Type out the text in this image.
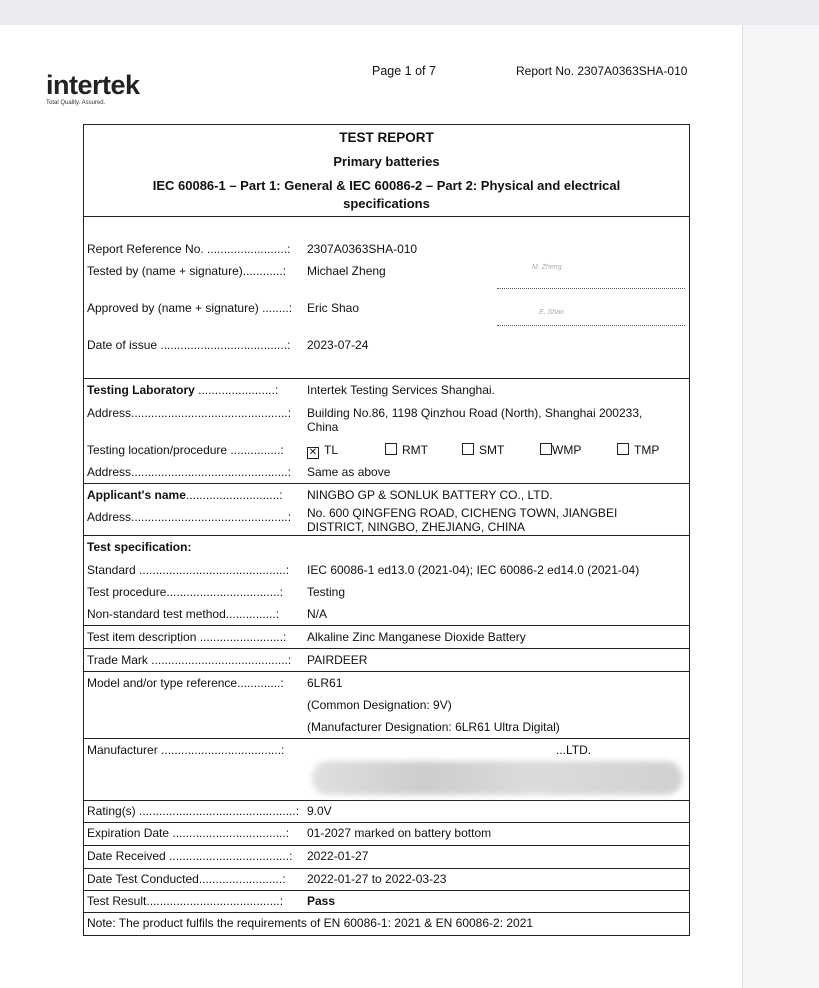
intertek
Total Quality. Assured.
Page 1 of 7	Report No. 2307A0363SHA-010
TEST REPORT
Primary batteries
IEC 60086-1 – Part 1: General & IEC 60086-2 – Part 2: Physical and electrical
specifications
Report Reference No. ........................: 2307A0363SHA-010
Tested by (name + signature)............: Michael Zheng	M. Zheng
Approved by (name + signature) ........: Eric Shao	E. Shao
Date of issue ......................................: 2023-07-24
Testing Laboratory .......................: Intertek Testing Services Shanghai.
Address...............................................: Building No.86, 1198 Qinzhou Road (North), Shanghai 200233,
China
Testing location/procedure ...............:	✕ TL	RMT	SMT	WMP	TMP
Address...............................................: Same as above
Applicant's name............................: NINGBO GP & SONLUK BATTERY CO., LTD.
Address...............................................: No. 600 QINGFENG ROAD, CICHENG TOWN, JIANGBEI
DISTRICT, NINGBO, ZHEJIANG, CHINA
Test specification:
Standard ............................................: IEC 60086-1 ed13.0 (2021-04); IEC 60086-2 ed14.0 (2021-04)
Test procedure..................................: Testing
Non-standard test method...............: N/A
Test item description .........................: Alkaline Zinc Manganese Dioxide Battery
Trade Mark .........................................: PAIRDEER
Model and/or type reference.............: 6LR61
(Common Designation: 9V)
(Manufacturer Designation: 6LR61 Ultra Digital)
Manufacturer ....................................:	...LTD.
Rating(s) ...............................................: 9.0V
Expiration Date ..................................: 01-2027 marked on battery bottom
Date Received ....................................: 2022-01-27
Date Test Conducted.........................: 2022-01-27 to 2022-03-23
Test Result........................................: Pass
Note: The product fulfils the requirements of EN 60086-1: 2021 & EN 60086-2: 2021
